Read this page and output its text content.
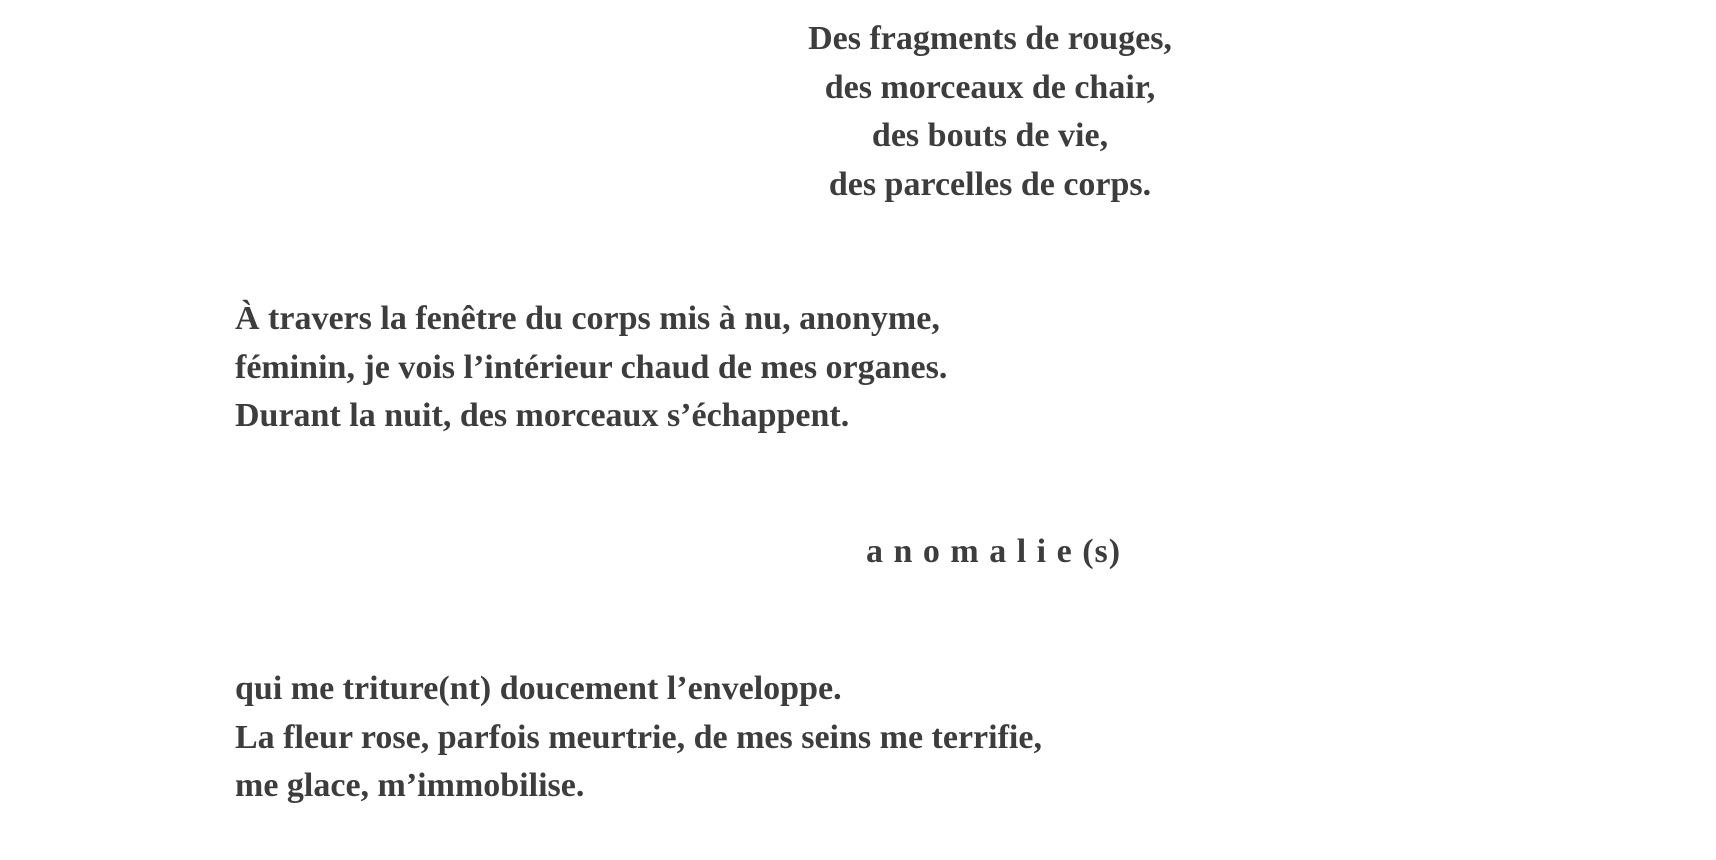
Des fragments de rouges,
des morceaux de chair,
des bouts de vie,
des parcelles de corps.
À travers la fenêtre du corps mis à nu, anonyme,
féminin, je vois l’intérieur chaud de mes organes.
Durant la nuit, des morceaux s’échappent.
a n o m a l i e (s)
qui me triture(nt) doucement l’enveloppe.
La fleur rose, parfois meurtrie, de mes seins me terrifie,
me glace, m’immobilise.
